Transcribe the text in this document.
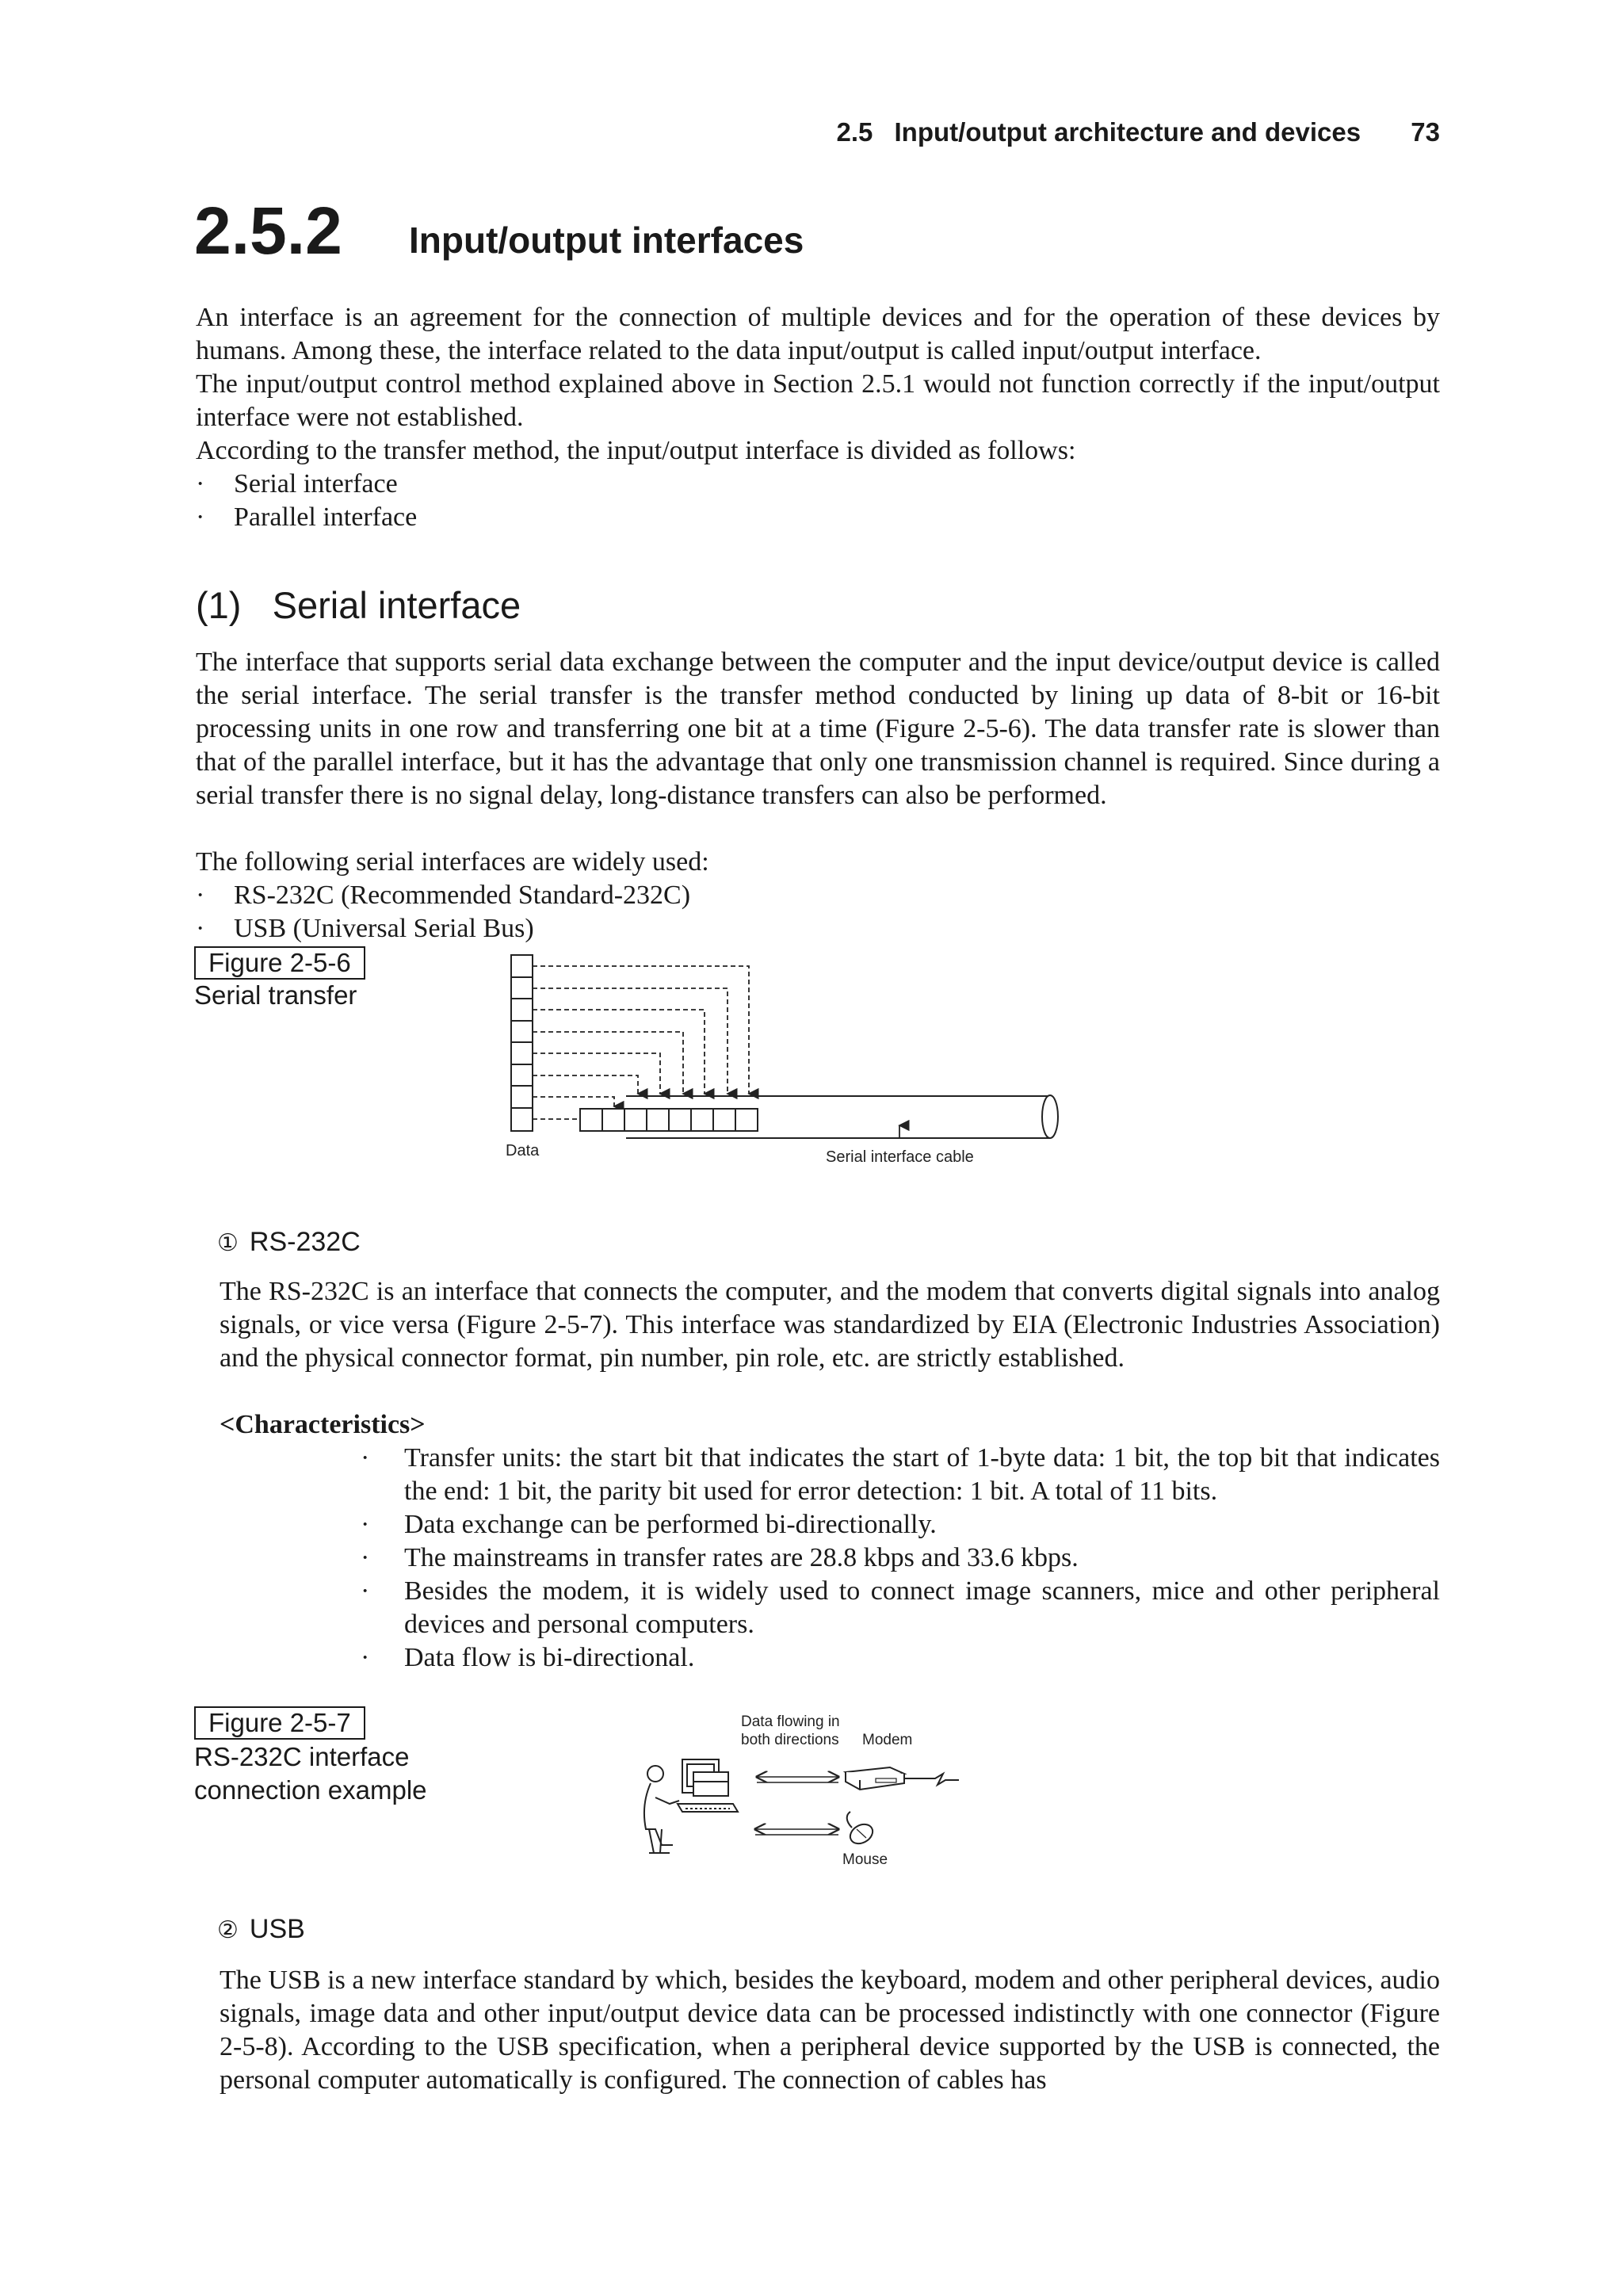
2.5 Input/output architecture and devices 73
2.5.2 Input/output interfaces

An interface is an agreement for the connection of multiple devices and for the operation of these devices by humans. Among these, the interface related to the data input/output is called input/output interface.

The input/output control method explained above in Section 2.5.1 would not function correctly if the input/output interface were not established.

According to the transfer method, the input/output interface is divided as follows:

· Serial interface
· Parallel interface
(1)   Serial interface

The interface that supports serial data exchange between the computer and the input device/output device is called the serial interface. The serial transfer is the transfer method conducted by lining up data of 8-bit or 16-bit processing units in one row and transferring one bit at a time (Figure 2-5-6). The data transfer rate is slower than that of the parallel interface, but it has the advantage that only one transmission channel is required. Since during a serial transfer there is no signal delay, long-distance transfers can also be performed.

The following serial interfaces are widely used:

· RS-232C (Recommended Standard-232C)
· USB (Universal Serial Bus)
Figure 2-5-6
Serial transfer
Data	Serial interface cable
① RS-232C

The RS-232C is an interface that connects the computer, and the modem that converts digital signals into analog signals, or vice versa (Figure 2-5-7). This interface was standardized by EIA (Electronic Industries Association) and the physical connector format, pin number, pin role, etc. are strictly established.

<Characteristics>
· Transfer units: the start bit that indicates the start of 1-byte data: 1 bit, the top bit that indicates the end: 1 bit, the parity bit used for error detection: 1 bit. A total of 11 bits.
· Data exchange can be performed bi-directionally.
· The mainstreams in transfer rates are 28.8 kbps and 33.6 kbps.
· Besides the modem, it is widely used to connect image scanners, mice and other peripheral devices and personal computers.
· Data flow is bi-directional.
Figure 2-5-7
RS-232C interface
connection example
Data flowing in
both directions Modem
Mouse
② USB

The USB is a new interface standard by which, besides the keyboard, modem and other peripheral devices, audio signals, image data and other input/output device data can be processed indistinctly with one connector (Figure 2-5-8). According to the USB specification, when a peripheral device supported by the USB is connected, the personal computer automatically is configured. The connection of cables has
